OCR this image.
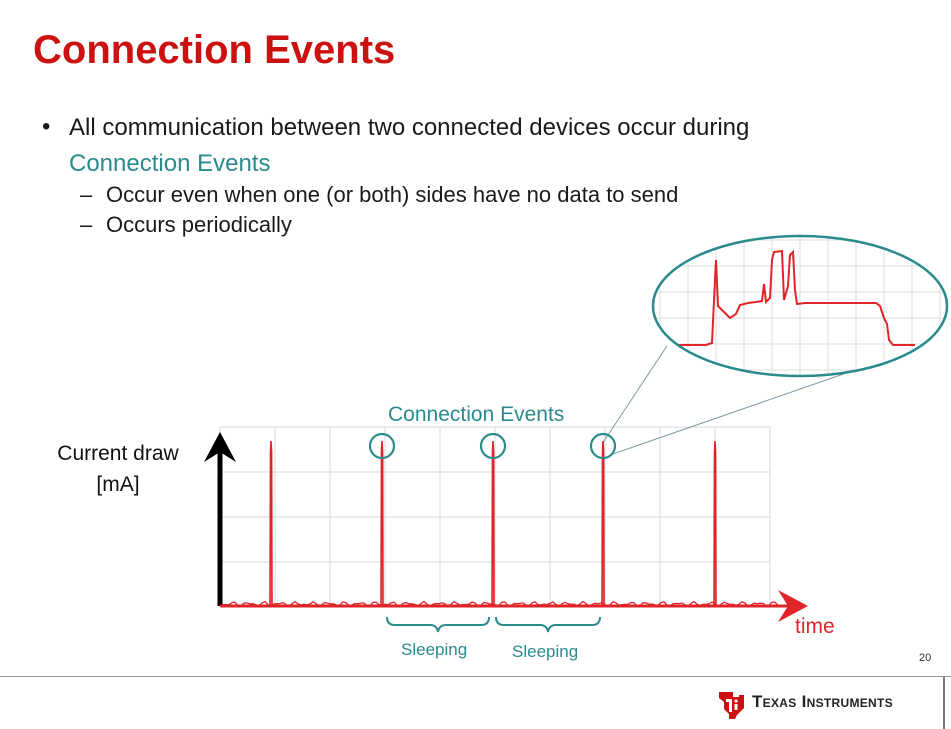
Connection Events
• All communication between two connected devices occur during
Connection Events
– Occur even when one (or both) sides have no data to send
– Occurs periodically
Current draw
[mA]
time
Connection Events
Sleeping	Sleeping	20
Texas Instruments
